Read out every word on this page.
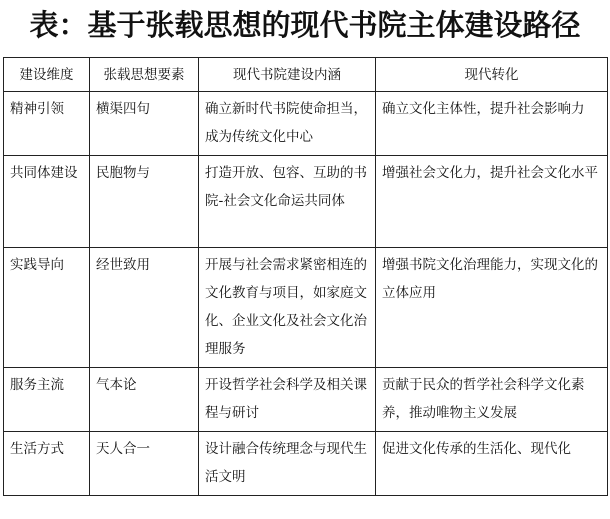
表：基于张载思想的现代书院主体建设路径
建设维度	张载思想要素	现代书院建设内涵	现代转化
精神引领	横渠四句	确立新时代书院使命担当，成为传统文化中心	确立文化主体性，提升社会影响力
共同体建设	民胞物与	打造开放、包容、互助的书院-社会文化命运共同体	增强社会文化力，提升社会文化水平
实践导向	经世致用	开展与社会需求紧密相连的文化教育与项目，如家庭文化、企业文化及社会文化治理服务	增强书院文化治理能力，实现文化的立体应用
服务主流	气本论	开设哲学社会科学及相关课程与研讨	贡献于民众的哲学社会科学文化素养，推动唯物主义发展
生活方式	天人合一	设计融合传统理念与现代生活文明	促进文化传承的生活化、现代化
